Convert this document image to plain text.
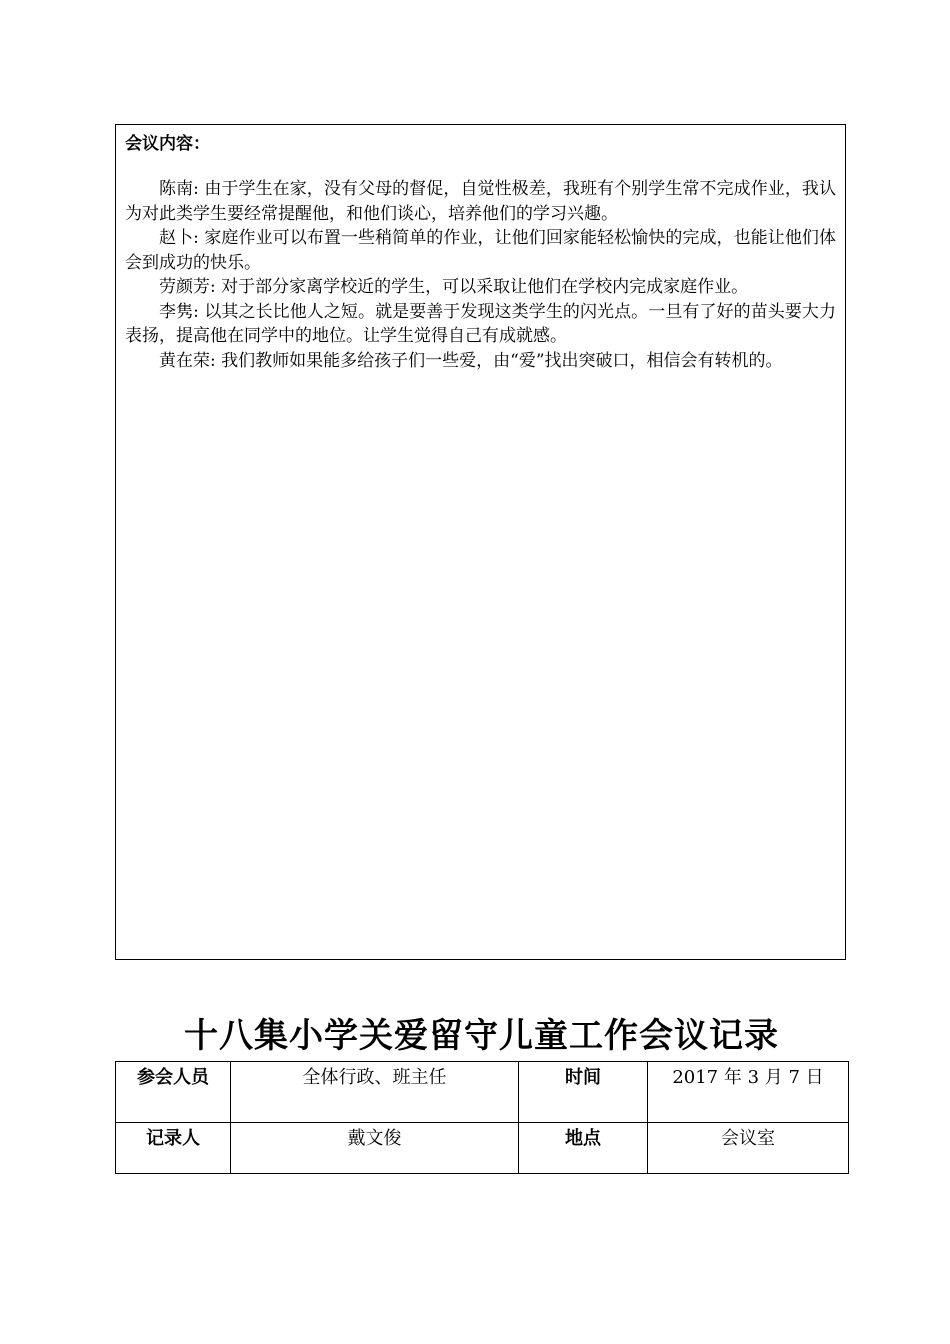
会议内容：

陈南: 由于学生在家，没有父母的督促，自觉性极差，我班有个别学生常不完成作业，我认为对此类学生要经常提醒他，和他们谈心，培养他们的学习兴趣。

赵卜: 家庭作业可以布置一些稍简单的作业，让他们回家能轻松愉快的完成，也能让他们体会到成功的快乐。

劳颜芳: 对于部分家离学校近的学生，可以采取让他们在学校内完成家庭作业。

李隽: 以其之长比他人之短。就是要善于发现这类学生的闪光点。一旦有了好的苗头要大力表扬，提高他在同学中的地位。让学生觉得自己有成就感。

黄在荣: 我们教师如果能多给孩子们一些爱，由“爱”找出突破口，相信会有转机的。

十八集小学关爱留守儿童工作会议记录
参会人员	全体行政、班主任	时间	2017 年 3 月 7 日
记录人	戴文俊	地点	会议室
